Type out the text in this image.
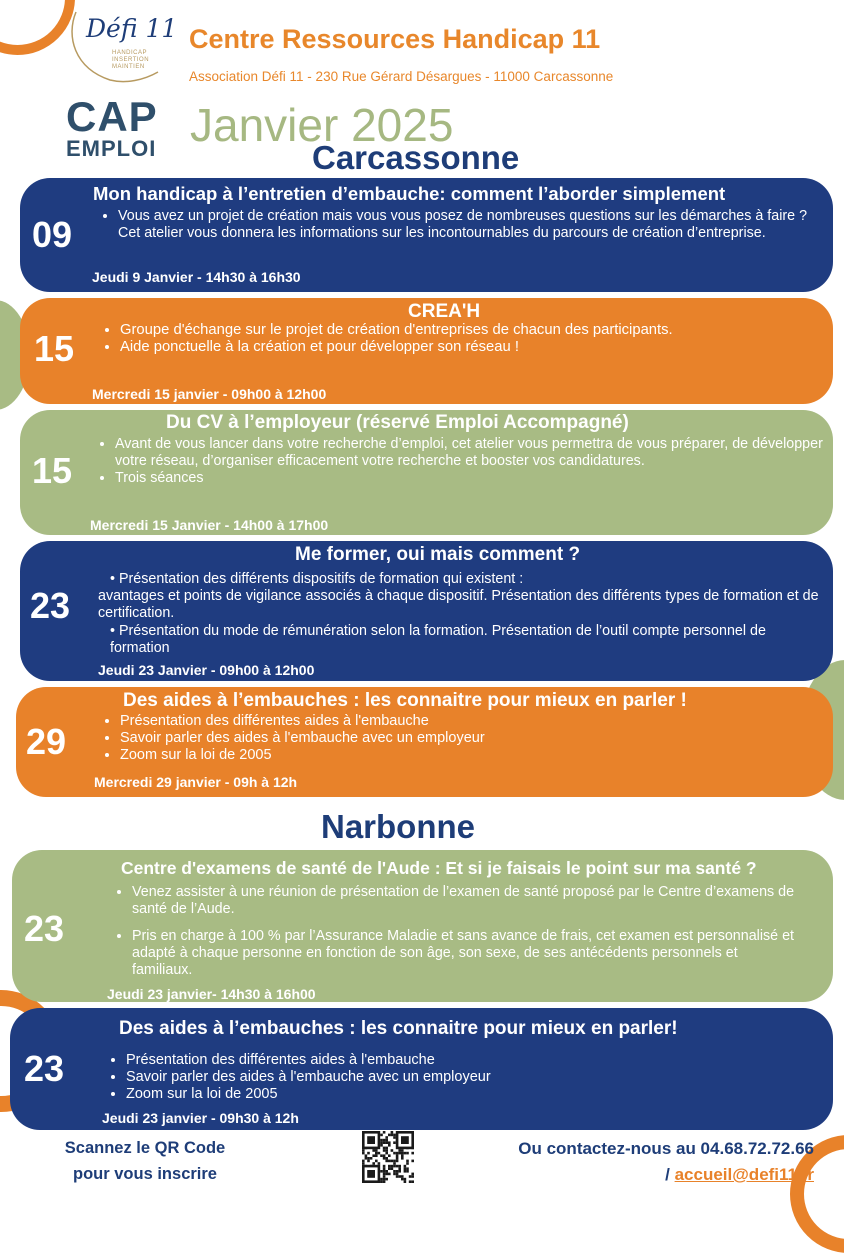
Défi 11
HANDICAP INSERTION MAINTIEN
CAP
EMPLOI
Centre Ressources Handicap 11
Association Défi 11 - 230 Rue Gérard Désargues - 11000 Carcassonne
Janvier 2025
Carcassonne
09
Mon handicap à l’entretien d’embauche: comment l’aborder simplement
• Vous avez un projet de création mais vous vous posez de nombreuses questions sur les démarches à faire ? Cet atelier vous donnera les informations sur les incontournables du parcours de création d’entreprise.
Jeudi 9 Janvier - 14h30 à 16h30
15
CREA'H
• Groupe d'échange sur le projet de création d'entreprises de chacun des participants.
• Aide ponctuelle à la création et pour développer son réseau !
Mercredi 15 janvier - 09h00 à 12h00
15
Du CV à l’employeur (réservé Emploi Accompagné)
• Avant de vous lancer dans votre recherche d’emploi, cet atelier vous permettra de vous préparer, de développer votre réseau, d’organiser efficacement votre recherche et booster vos candidatures.
• Trois séances
Mercredi 15 Janvier - 14h00 à 17h00
23
Me former, oui mais comment ?
• Présentation des différents dispositifs de formation qui existent :
avantages et points de vigilance associés à chaque dispositif. Présentation des différents types de formation et de certification.
• Présentation du mode de rémunération selon la formation. Présentation de l’outil compte personnel de formation
Jeudi 23 Janvier - 09h00 à 12h00
29
Des aides à l’embauches : les connaitre pour mieux en parler !
• Présentation des différentes aides à l'embauche
• Savoir parler des aides à l'embauche avec un employeur
• Zoom sur la loi de 2005
Mercredi 29 janvier - 09h à 12h
Narbonne
23
Centre d'examens de santé de l'Aude : Et si je faisais le point sur ma santé ?
• Venez assister à une réunion de présentation de l’examen de santé proposé par le Centre d’examens de santé de l’Aude.
• Pris en charge à 100 % par l’Assurance Maladie et sans avance de frais, cet examen est personnalisé et adapté à chaque personne en fonction de son âge, son sexe, de ses antécédents personnels et familiaux.
Jeudi 23 janvier- 14h30 à 16h00
23
Des aides à l’embauches : les connaitre pour mieux en parler!
• Présentation des différentes aides à l'embauche
• Savoir parler des aides à l'embauche avec un employeur
• Zoom sur la loi de 2005
Jeudi 23 janvier - 09h30 à 12h
Scannez le QR Code
pour vous inscrire
Ou contactez-nous au 04.68.72.72.66
/ accueil@defi11.fr
